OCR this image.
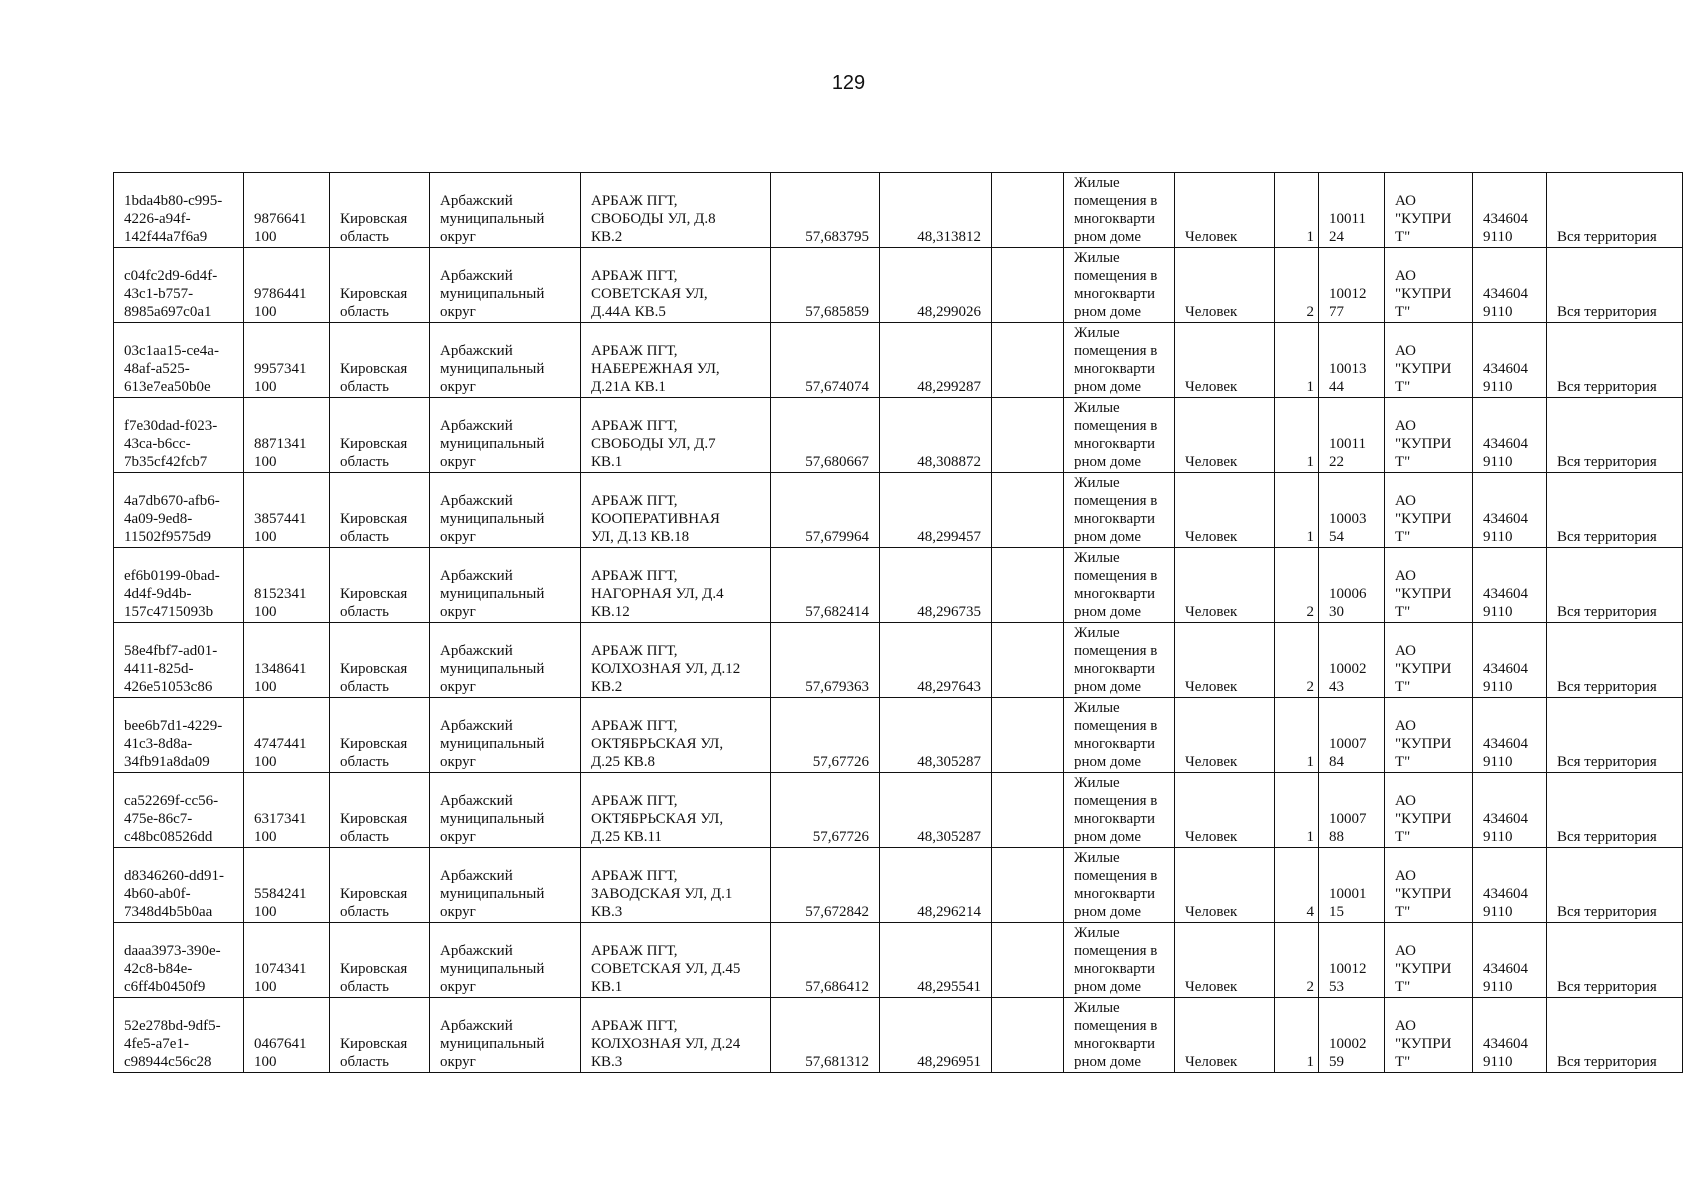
129
1bda4b80-c995-
4226-a94f-
142f44a7f6a9	9876641
100	Кировская
область	Арбажский
муниципальный
округ	АРБАЖ ПГТ,
СВОБОДЫ УЛ, Д.8
КВ.2	57,683795	48,313812		Жилые
помещения в
многокварти
рном доме	Человек	1	10011
24	АО
"КУПРИ
Т"	434604
9110	Вся территория
c04fc2d9-6d4f-
43c1-b757-
8985a697c0a1	9786441
100	Кировская
область	Арбажский
муниципальный
округ	АРБАЖ ПГТ,
СОВЕТСКАЯ УЛ,
Д.44А КВ.5	57,685859	48,299026		Жилые
помещения в
многокварти
рном доме	Человек	2	10012
77	АО
"КУПРИ
Т"	434604
9110	Вся территория
03c1aa15-ce4a-
48af-a525-
613e7ea50b0e	9957341
100	Кировская
область	Арбажский
муниципальный
округ	АРБАЖ ПГТ,
НАБЕРЕЖНАЯ УЛ,
Д.21А КВ.1	57,674074	48,299287		Жилые
помещения в
многокварти
рном доме	Человек	1	10013
44	АО
"КУПРИ
Т"	434604
9110	Вся территория
f7e30dad-f023-
43ca-b6cc-
7b35cf42fcb7	8871341
100	Кировская
область	Арбажский
муниципальный
округ	АРБАЖ ПГТ,
СВОБОДЫ УЛ, Д.7
КВ.1	57,680667	48,308872		Жилые
помещения в
многокварти
рном доме	Человек	1	10011
22	АО
"КУПРИ
Т"	434604
9110	Вся территория
4a7db670-afb6-
4a09-9ed8-
11502f9575d9	3857441
100	Кировская
область	Арбажский
муниципальный
округ	АРБАЖ ПГТ,
КООПЕРАТИВНАЯ
УЛ, Д.13 КВ.18	57,679964	48,299457		Жилые
помещения в
многокварти
рном доме	Человек	1	10003
54	АО
"КУПРИ
Т"	434604
9110	Вся территория
ef6b0199-0bad-
4d4f-9d4b-
157c4715093b	8152341
100	Кировская
область	Арбажский
муниципальный
округ	АРБАЖ ПГТ,
НАГОРНАЯ УЛ, Д.4
КВ.12	57,682414	48,296735		Жилые
помещения в
многокварти
рном доме	Человек	2	10006
30	АО
"КУПРИ
Т"	434604
9110	Вся территория
58e4fbf7-ad01-
4411-825d-
426e51053c86	1348641
100	Кировская
область	Арбажский
муниципальный
округ	АРБАЖ ПГТ,
КОЛХОЗНАЯ УЛ, Д.12
КВ.2	57,679363	48,297643		Жилые
помещения в
многокварти
рном доме	Человек	2	10002
43	АО
"КУПРИ
Т"	434604
9110	Вся территория
bee6b7d1-4229-
41c3-8d8a-
34fb91a8da09	4747441
100	Кировская
область	Арбажский
муниципальный
округ	АРБАЖ ПГТ,
ОКТЯБРЬСКАЯ УЛ,
Д.25 КВ.8	57,67726	48,305287		Жилые
помещения в
многокварти
рном доме	Человек	1	10007
84	АО
"КУПРИ
Т"	434604
9110	Вся территория
ca52269f-cc56-
475e-86c7-
c48bc08526dd	6317341
100	Кировская
область	Арбажский
муниципальный
округ	АРБАЖ ПГТ,
ОКТЯБРЬСКАЯ УЛ,
Д.25 КВ.11	57,67726	48,305287		Жилые
помещения в
многокварти
рном доме	Человек	1	10007
88	АО
"КУПРИ
Т"	434604
9110	Вся территория
d8346260-dd91-
4b60-ab0f-
7348d4b5b0aa	5584241
100	Кировская
область	Арбажский
муниципальный
округ	АРБАЖ ПГТ,
ЗАВОДСКАЯ УЛ, Д.1
КВ.3	57,672842	48,296214		Жилые
помещения в
многокварти
рном доме	Человек	4	10001
15	АО
"КУПРИ
Т"	434604
9110	Вся территория
daaa3973-390e-
42c8-b84e-
c6ff4b0450f9	1074341
100	Кировская
область	Арбажский
муниципальный
округ	АРБАЖ ПГТ,
СОВЕТСКАЯ УЛ, Д.45
КВ.1	57,686412	48,295541		Жилые
помещения в
многокварти
рном доме	Человек	2	10012
53	АО
"КУПРИ
Т"	434604
9110	Вся территория
52e278bd-9df5-
4fe5-a7e1-
c98944c56c28	0467641
100	Кировская
область	Арбажский
муниципальный
округ	АРБАЖ ПГТ,
КОЛХОЗНАЯ УЛ, Д.24
КВ.3	57,681312	48,296951		Жилые
помещения в
многокварти
рном доме	Человек	1	10002
59	АО
"КУПРИ
Т"	434604
9110	Вся территория
